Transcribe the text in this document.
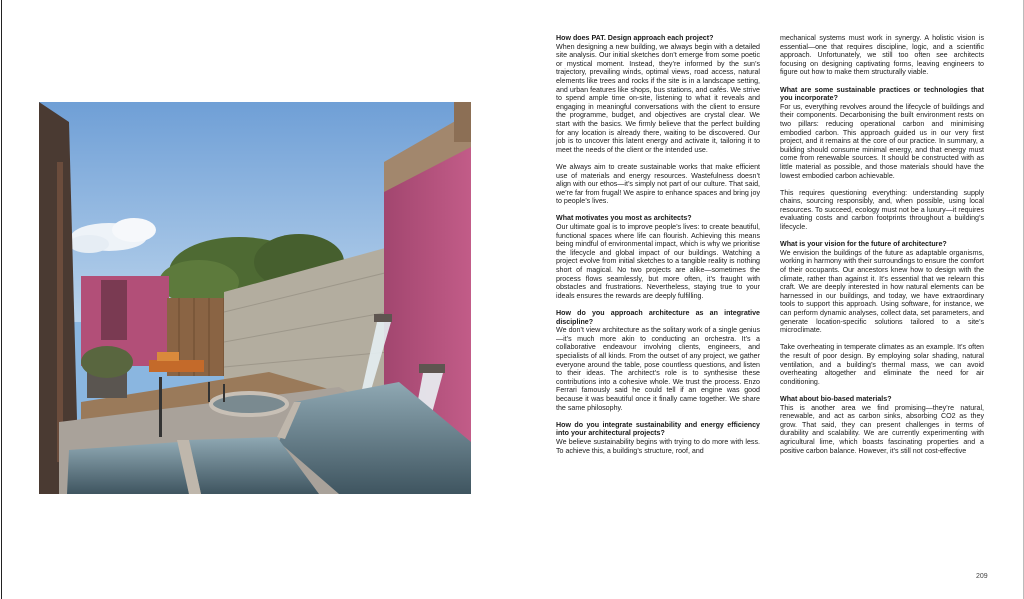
How does PAT. Design approach each project?
When designing a new building, we always begin with a detailed site analysis. Our initial sketches don’t emerge from some poetic or mystical moment. Instead, they’re informed by the sun’s trajectory, prevailing winds, optimal views, road access, natural elements like trees and rocks if the site is in a landscape setting, and urban features like shops, bus stations, and cafés. We strive to spend ample time on-site, listening to what it reveals and engaging in meaningful conversations with the client to ensure the programme, budget, and objectives are crystal clear. We start with the basics. We firmly believe that the perfect building for any location is already there, waiting to be discovered. Our job is to uncover this latent energy and activate it, tailoring it to meet the needs of the client or the intended use.
We always aim to create sustainable works that make efficient use of materials and energy resources. Wastefulness doesn’t align with our ethos—it’s simply not part of our culture. That said, we’re far from frugal! We aspire to enhance spaces and bring joy to people’s lives.
What motivates you most as architects?
Our ultimate goal is to improve people’s lives: to create beautiful, functional spaces where life can flourish. Achieving this means being mindful of environmental impact, which is why we prioritise the lifecycle and global impact of our buildings. Watching a project evolve from initial sketches to a tangible reality is nothing short of magical. No two projects are alike—sometimes the process flows seamlessly, but more often, it’s fraught with obstacles and frustrations. Nevertheless, staying true to your ideals ensures the rewards are deeply fulfilling.
How do you approach architecture as an integrative discipline?
We don’t view architecture as the solitary work of a single genius—it’s much more akin to conducting an orchestra. It’s a collaborative endeavour involving clients, engineers, and specialists of all kinds. From the outset of any project, we gather everyone around the table, pose countless questions, and listen to their ideas. The architect’s role is to synthesise these contributions into a cohesive whole. We trust the process. Enzo Ferrari famously said he could tell if an engine was good because it was beautiful once it finally came together. We share the same philosophy.
How do you integrate sustainability and energy efficiency into your architectural projects?
We believe sustainability begins with trying to do more with less. To achieve this, a building’s structure, roof, and
mechanical systems must work in synergy. A holistic vision is essential—one that requires discipline, logic, and a scientific approach. Unfortunately, we still too often see architects focusing on designing captivating forms, leaving engineers to figure out how to make them structurally viable.
What are some sustainable practices or technologies that you incorporate?
For us, everything revolves around the lifecycle of buildings and their components. Decarbonising the built environment rests on two pillars: reducing operational carbon and minimising embodied carbon. This approach guided us in our very first project, and it remains at the core of our practice. In summary, a building should consume minimal energy, and that energy must come from renewable sources. It should be constructed with as little material as possible, and those materials should have the lowest embodied carbon achievable.
This requires questioning everything: understanding supply chains, sourcing responsibly, and, when possible, using local resources. To succeed, ecology must not be a luxury—it requires evaluating costs and carbon footprints throughout a building’s lifecycle.
What is your vision for the future of architecture?
We envision the buildings of the future as adaptable organisms, working in harmony with their surroundings to ensure the comfort of their occupants. Our ancestors knew how to design with the climate, rather than against it. It’s essential that we relearn this craft. We are deeply interested in how natural elements can be harnessed in our buildings, and today, we have extraordinary tools to support this approach. Using software, for instance, we can perform dynamic analyses, collect data, set parameters, and generate location-specific solutions tailored to a site’s microclimate.
Take overheating in temperate climates as an example. It’s often the result of poor design. By employing solar shading, natural ventilation, and a building’s thermal mass, we can avoid overheating altogether and eliminate the need for air conditioning.
What about bio-based materials?
This is another area we find promising—they’re natural, renewable, and act as carbon sinks, absorbing CO2 as they grow. That said, they can present challenges in terms of durability and scalability. We are currently experimenting with agricultural lime, which boasts fascinating properties and a positive carbon balance. However, it’s still not cost-effective
209
